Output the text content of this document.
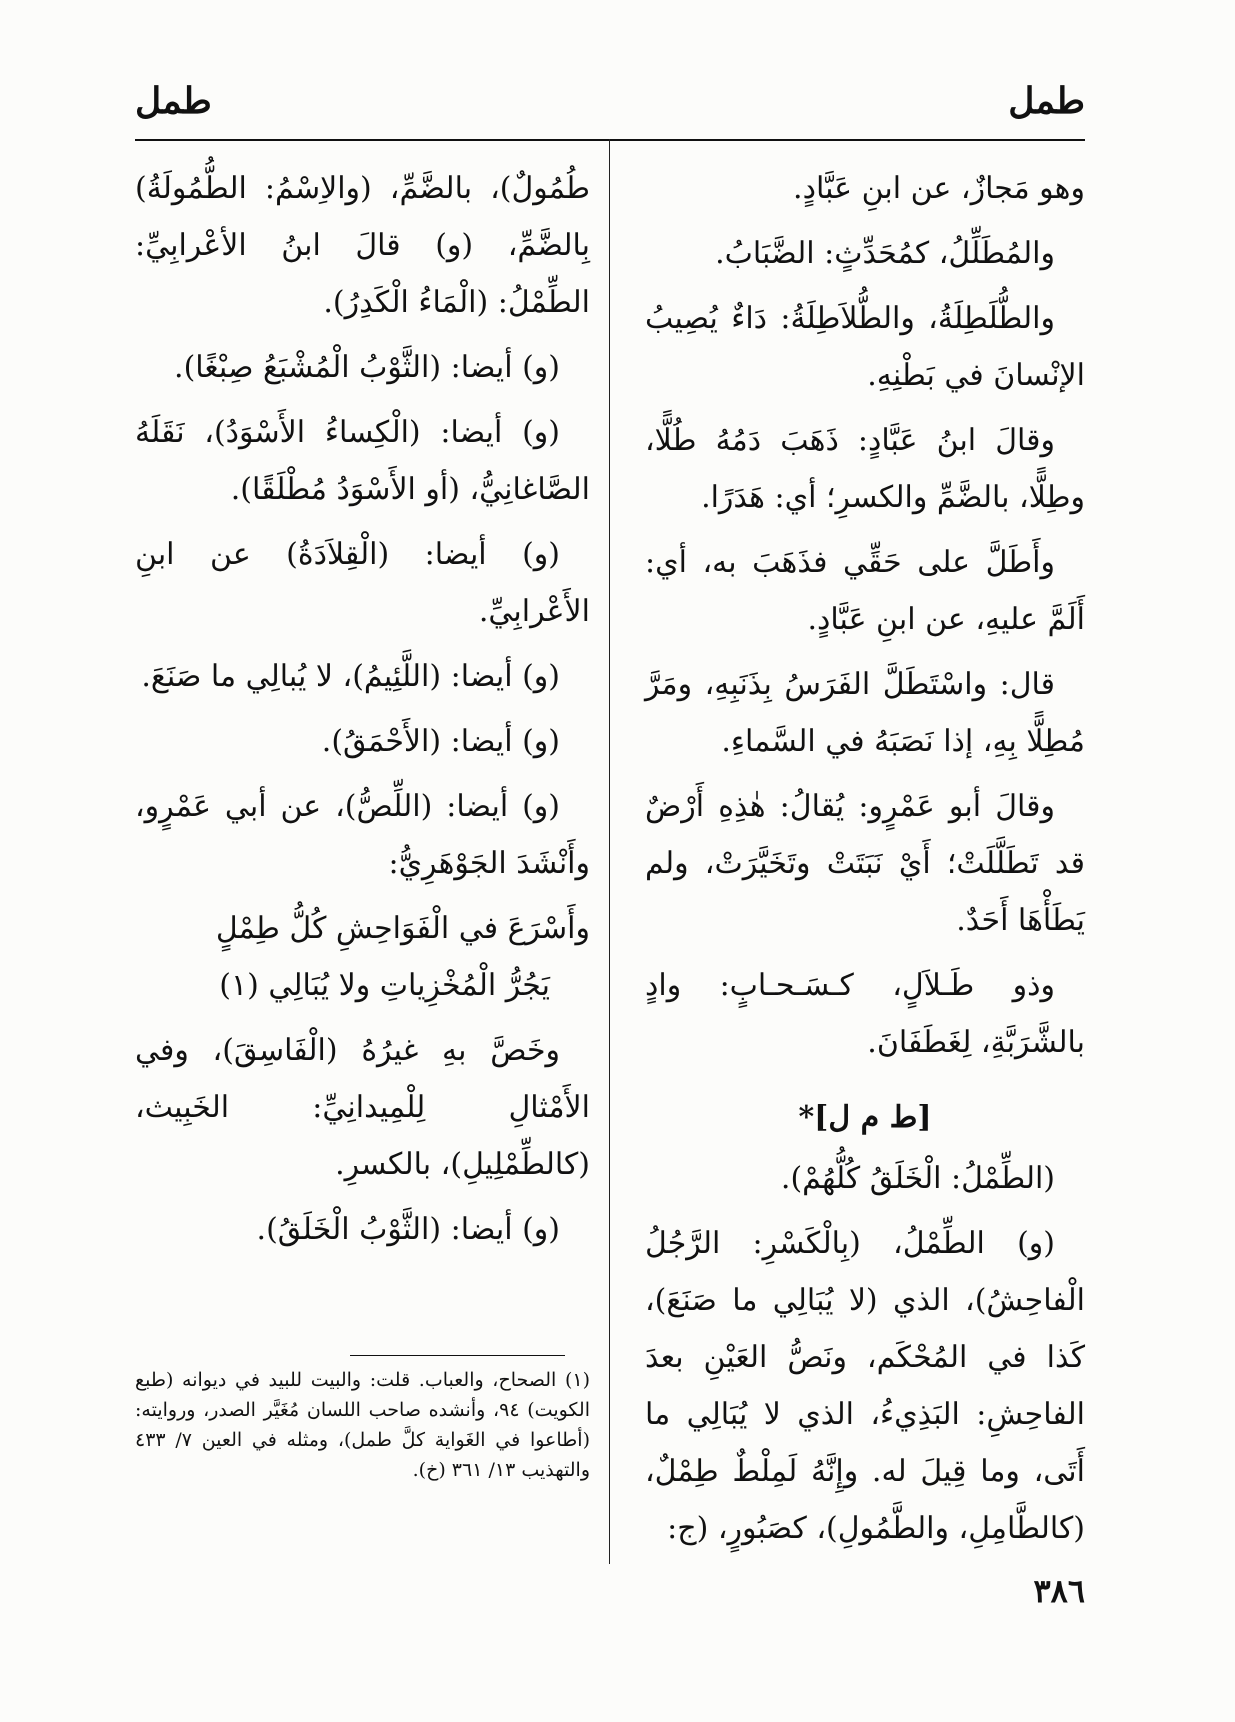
طمل
طمل

وهو مَجازٌ، عن ابنِ عَبَّادٍ.

والمُطَلِّلُ، كمُحَدِّثٍ: الضَّبَابُ.

والطُّلَطِلَةُ، والطُّلاَطِلَةُ: دَاءٌ يُصِيبُ الإنْسانَ في بَطْنِهِ.

وقالَ ابنُ عَبَّادٍ: ذَهَبَ دَمُهُ طُلًّا، وطِلًّا، بالضَّمِّ والكسرِ؛ أي: هَدَرًا.

وأَطَلَّ على حَقِّي فذَهَبَ به، أي: أَلَمَّ عليهِ، عن ابنِ عَبَّادٍ.

قال: واسْتَطَلَّ الفَرَسُ بِذَنَبِهِ، ومَرَّ مُطِلًّا بِهِ، إذا نَصَبَهُ في السَّماءِ.

وقالَ أبو عَمْرٍو: يُقالُ: هٰذِهِ أَرْضٌ قد تَطَلَّلَتْ؛ أَيْ نَبَتَتْ وتَخَيَّرَتْ، ولم يَطَأْهَا أَحَدٌ.

وذو طَـلاَلٍ، كـسَـحـابٍ: وادٍ بالشَّرَبَّةِ، لِغَطَفَانَ.

[ط م ل]*

(الطِّمْلُ: الْخَلَقُ كُلُّهُمْ).

(و) الطِّمْلُ، (بِالْكَسْرِ: الرَّجُلُ الْفاحِشُ)، الذي (لا يُبَالِي ما صَنَعَ)، كَذا في المُحْكَم، ونَصُّ العَيْنِ بعدَ الفاحِشِ: البَذِيءُ، الذي لا يُبَالِي ما أَتَى، وما قِيلَ له. وإِنَّهُ لَمِلْطٌ طِمْلٌ، (كالطَّامِلِ، والطَّمُولِ)، كصَبُورٍ، (ج:

طُمُولٌ)، بالضَّمِّ، (والاِسْمُ: الطُّمُولَةُ) بِالضَّمِّ، (و) قالَ ابنُ الأعْرابِيِّ: الطِّمْلُ: (الْمَاءُ الْكَدِرُ).

(و) أيضا: (الثَّوْبُ الْمُشْبَعُ صِبْغًا).

(و) أيضا: (الْكِساءُ الأَسْوَدُ)، نَقَلَهُ الصَّاغانِيُّ، (أو الأَسْوَدُ مُطْلَقًا).

(و) أيضا: (الْقِلاَدَةُ) عن ابنِ الأَعْرابِيِّ.

(و) أيضا: (اللَّئِيمُ)، لا يُبالِي ما صَنَعَ.

(و) أيضا: (الأَحْمَقُ).

(و) أيضا: (اللِّصُّ)، عن أبي عَمْرٍو، وأَنْشَدَ الجَوْهَرِيُّ:

وأَسْرَعَ في الْفَوَاحِشِ كُلُّ طِمْلٍ
يَجُرُّ الْمُخْزِياتِ ولا يُبَالِي (١)

وخَصَّ بهِ غيرُهُ (الْفَاسِقَ)، وفي الأَمْثالِ لِلْمِيدانِيِّ: الخَبِيث، (كالطِّمْلِيلِ)، بالكسرِ.

(و) أيضا: (الثَّوْبُ الْخَلَقُ).

(١) الصحاح، والعباب. قلت: والبيت للبيد في ديوانه (طبع الكويت) ٩٤، وأنشده صاحب اللسان مُغَيَّر الصدر، وروايته: (أطاعوا في الغَواية كلَّ طمل)، ومثله في العين ٧/ ٤٣٣ والتهذيب ١٣/ ٣٦١ (خ).
٣٨٦
